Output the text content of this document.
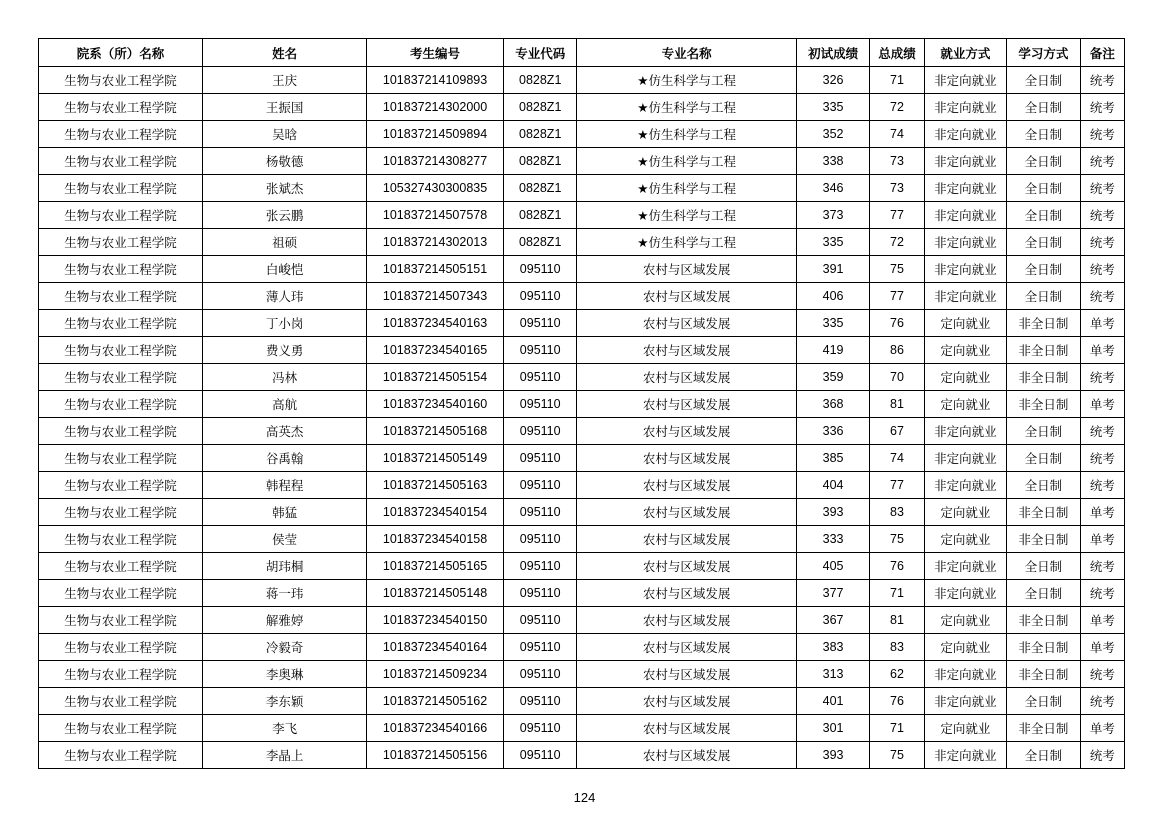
院系（所）名称	姓名	考生编号	专业代码	专业名称	初试成绩	总成绩	就业方式	学习方式	备注
生物与农业工程学院	王庆	101837214109893	0828Z1	★仿生科学与工程	326	71	非定向就业	全日制	统考
生物与农业工程学院	王振国	101837214302000	0828Z1	★仿生科学与工程	335	72	非定向就业	全日制	统考
生物与农业工程学院	吴晗	101837214509894	0828Z1	★仿生科学与工程	352	74	非定向就业	全日制	统考
生物与农业工程学院	杨敬德	101837214308277	0828Z1	★仿生科学与工程	338	73	非定向就业	全日制	统考
生物与农业工程学院	张斌杰	105327430300835	0828Z1	★仿生科学与工程	346	73	非定向就业	全日制	统考
生物与农业工程学院	张云鹏	101837214507578	0828Z1	★仿生科学与工程	373	77	非定向就业	全日制	统考
生物与农业工程学院	祖硕	101837214302013	0828Z1	★仿生科学与工程	335	72	非定向就业	全日制	统考
生物与农业工程学院	白峻恺	101837214505151	095110	农村与区域发展	391	75	非定向就业	全日制	统考
生物与农业工程学院	薄人玮	101837214507343	095110	农村与区域发展	406	77	非定向就业	全日制	统考
生物与农业工程学院	丁小岗	101837234540163	095110	农村与区域发展	335	76	定向就业	非全日制	单考
生物与农业工程学院	费义勇	101837234540165	095110	农村与区域发展	419	86	定向就业	非全日制	单考
生物与农业工程学院	冯林	101837214505154	095110	农村与区域发展	359	70	定向就业	非全日制	统考
生物与农业工程学院	高航	101837234540160	095110	农村与区域发展	368	81	定向就业	非全日制	单考
生物与农业工程学院	高英杰	101837214505168	095110	农村与区域发展	336	67	非定向就业	全日制	统考
生物与农业工程学院	谷禹翰	101837214505149	095110	农村与区域发展	385	74	非定向就业	全日制	统考
生物与农业工程学院	韩程程	101837214505163	095110	农村与区域发展	404	77	非定向就业	全日制	统考
生物与农业工程学院	韩猛	101837234540154	095110	农村与区域发展	393	83	定向就业	非全日制	单考
生物与农业工程学院	侯莹	101837234540158	095110	农村与区域发展	333	75	定向就业	非全日制	单考
生物与农业工程学院	胡玮桐	101837214505165	095110	农村与区域发展	405	76	非定向就业	全日制	统考
生物与农业工程学院	蒋一玮	101837214505148	095110	农村与区域发展	377	71	非定向就业	全日制	统考
生物与农业工程学院	解雅婷	101837234540150	095110	农村与区域发展	367	81	定向就业	非全日制	单考
生物与农业工程学院	冷毅奇	101837234540164	095110	农村与区域发展	383	83	定向就业	非全日制	单考
生物与农业工程学院	李奥琳	101837214509234	095110	农村与区域发展	313	62	非定向就业	非全日制	统考
生物与农业工程学院	李东颖	101837214505162	095110	农村与区域发展	401	76	非定向就业	全日制	统考
生物与农业工程学院	李飞	101837234540166	095110	农村与区域发展	301	71	定向就业	非全日制	单考
生物与农业工程学院	李晶上	101837214505156	095110	农村与区域发展	393	75	非定向就业	全日制	统考
124
